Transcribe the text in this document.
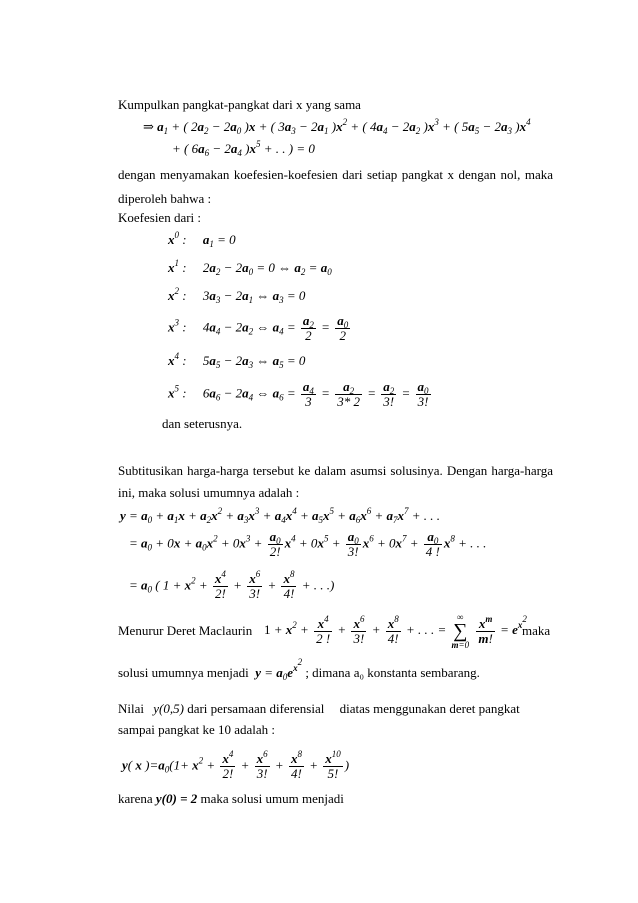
Kumpulkan pangkat-pangkat dari x yang sama
⇒ $a_1$ + ( $2a_2 - 2a_0$ )x + ( $3a_3 - 2a_1$ )$x^2$ + ( $4a_4 - 2a_2$ )$x^3$ + ( $5a_5 - 2a_3$ )$x^4$
+ ( $6a_6 - 2a_4$ )$x^5$ + . . ) = 0
dengan menyamakan koefesien-koefesien dari setiap pangkat x dengan nol, maka diperoleh bahwa :
Koefesien dari :
$x^0$ :     $a_1 = 0$
$x^1$ :     $2a_2 - 2a_0 = 0$ ⇔ $a_2 = a_0$
$x^2$ :     $3a_3 - 2a_1$ ⇔ $a_3 = 0$
$x^3$ :     $4a_4 - 2a_2$ ⇔ $a_4 = \frac{a_2}{2} = \frac{a_0}{2}$
$x^4$ :     $5a_5 - 2a_3$ ⇔ $a_5 = 0$
$x^5$ :     $6a_6 - 2a_4$ ⇔ $a_6 = \frac{a_4}{3} = \frac{a_2}{3* 2} = \frac{a_2}{3!} = \frac{a_0}{3!}$
dan seterusnya.
Subtitusikan harga-harga tersebut ke dalam asumsi solusinya. Dengan harga-harga ini, maka solusi umumnya adalah :
$y = a_0 + a_1x + a_2x^2 + a_3x^3 + a_4x^4 + a_5x^5 + a_6x^6 + a_7x^7$ + . . .
= $a_0 + 0x + a_0x^2 + 0x^3 + \frac{a_0}{2!} x^4 + 0x^5 + \frac{a_0}{3!} x^6 + 0x^7 + \frac{a_0}{4 !} x^8$ + . . .
= $a_0$ ( $1 + x^2 + \frac{x^4}{2!} + \frac{x^6}{3!} + \frac{x^8}{4!}$ + . . .)
Menurur Deret Maclaurin $1 + x^2 + \frac{x^4}{2 !} + \frac{x^6}{3!} + \frac{x^8}{4!}$ + . . . = ∞
∑
$m=0 \frac{x^m}{m!} = e^{x^2}$
maka
solusi umumnya menjadi $y = a_0e^{x^2}$ ; dimana a₀ konstanta sembarang.
Nilai y(0,5) dari persamaan diferensial diatas menggunakan deret pangkat
sampai pangkat ke 10 adalah :
y( x )$=a_0(1+ x^2 + \frac{x^4}{2!} + \frac{x^6}{3!} + \frac{x^8}{4!} + \frac{x^{10}}{5!}$ )
karena y(0) = 2 maka solusi umum menjadi
